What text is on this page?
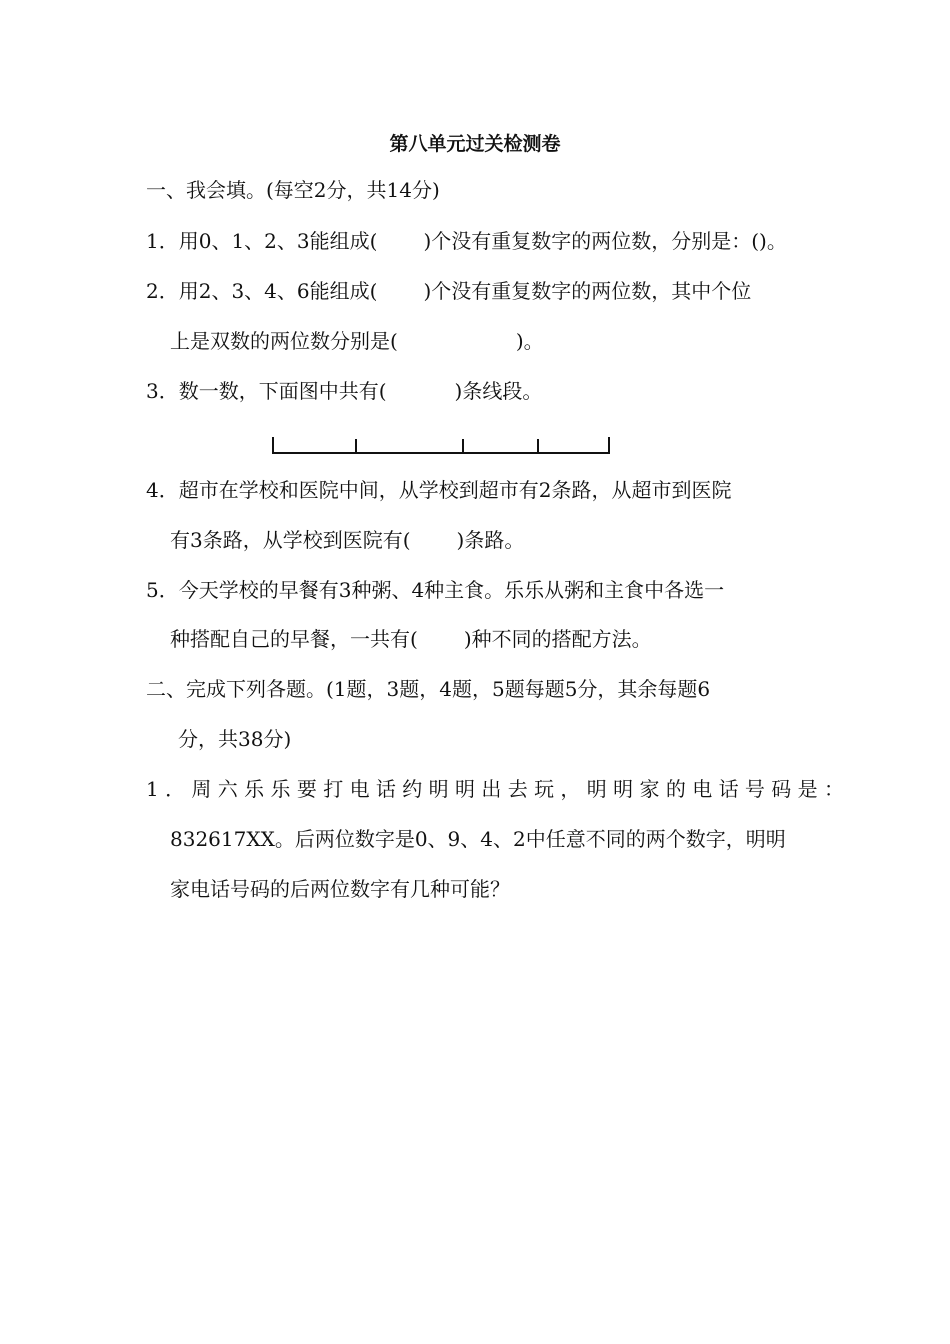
第八单元过关检测卷
一、我会填。(每空2分，共14分)
1．用0、1、2、3能组成( )个没有重复数字的两位数，分别是：()。
2．用2、3、4、6能组成( )个没有重复数字的两位数，其中个位
上是双数的两位数分别是(	)。
3．数一数，下面图中共有(	)条线段。
4．超市在学校和医院中间，从学校到超市有2条路，从超市到医院
有3条路，从学校到医院有( )条路。
5．今天学校的早餐有3种粥、4种主食。乐乐从粥和主食中各选一
种搭配自己的早餐，一共有( )种不同的搭配方法。
二、完成下列各题。(1题，3题，4题，5题每题5分，其余每题6
分，共38分)
1．周六乐乐要打电话约明明出去玩，明明家的电话号码是：
832617XX。后两位数字是0、9、4、2中任意不同的两个数字，明明
家电话号码的后两位数字有几种可能？
